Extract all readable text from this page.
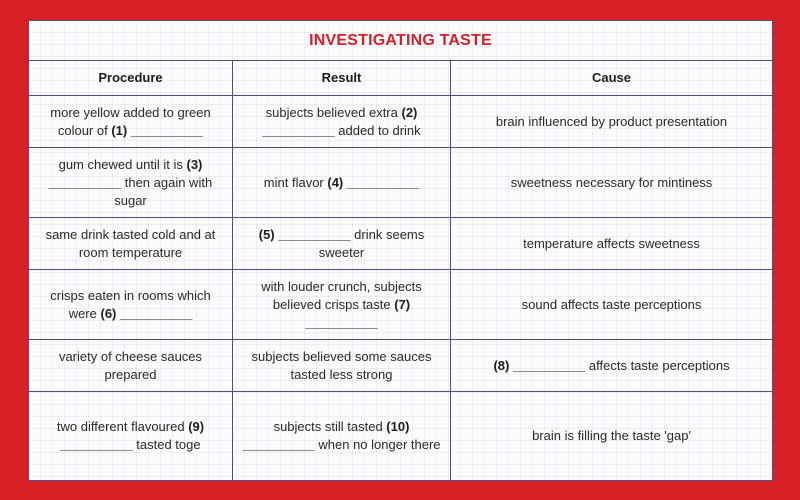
INVESTIGATING TASTE		
Procedure	Result	Cause
more yellow added to green colour of (1) __________	subjects believed extra (2) __________ added to drink	brain influenced by product presentation
gum chewed until it is (3) __________ then again with sugar	mint flavor (4) __________	sweetness necessary for mintiness
same drink tasted cold and at room temperature	(5) __________ drink seems sweeter	temperature affects sweetness
crisps eaten in rooms which were (6) __________	with louder crunch, subjects believed crisps taste (7) __________	sound affects taste perceptions
variety of cheese sauces prepared	subjects believed some sauces tasted less strong	(8) __________ affects taste perceptions
two different flavoured (9) __________ tasted toge	subjects still tasted (10) __________ when no longer there	brain is filling the taste 'gap'
